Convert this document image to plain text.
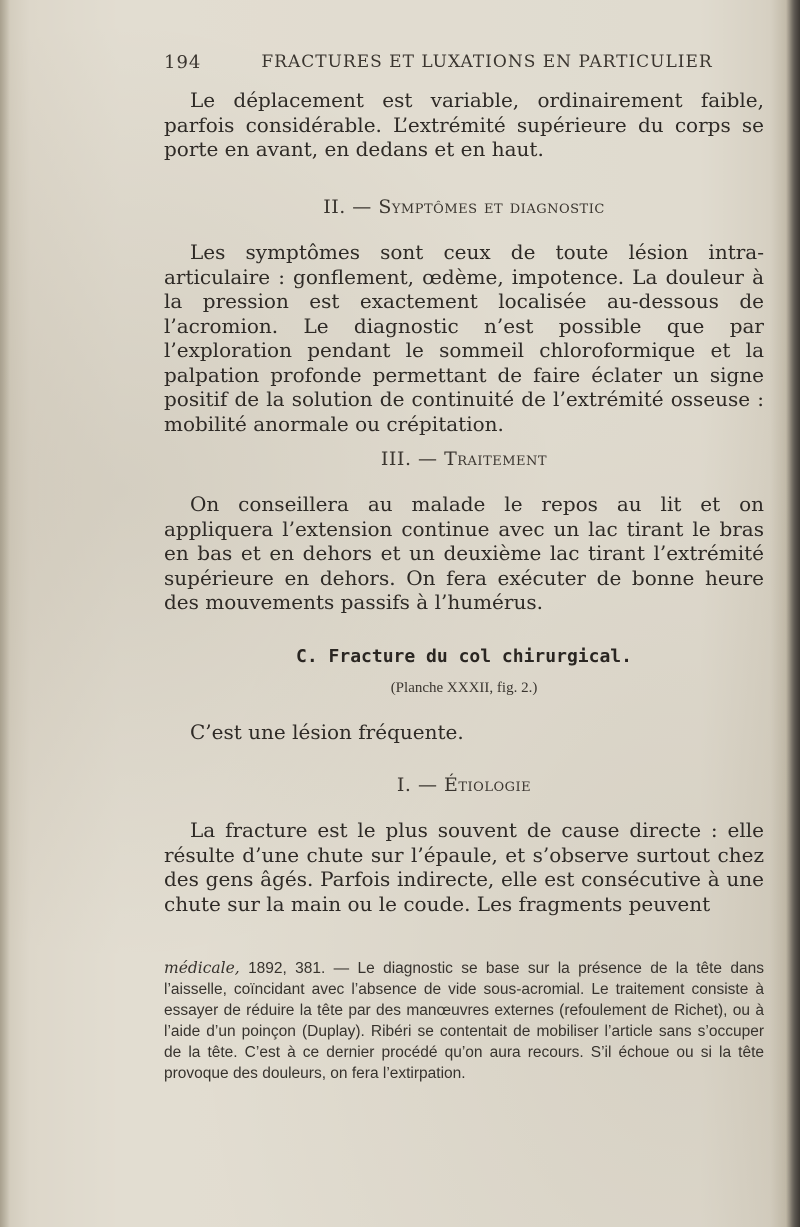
194	FRACTURES ET LUXATIONS EN PARTICULIER

Le déplacement est variable, ordinairement faible, parfois considérable. L’extrémité supérieure du corps se porte en avant, en dedans et en haut.

II. — Symptômes et diagnostic

Les symptômes sont ceux de toute lésion intra-articulaire : gonflement, œdème, impotence. La douleur à la pression est exactement localisée au-dessous de l’acromion. Le diagnostic n’est possible que par l’exploration pendant le sommeil chloroformique et la palpation profonde permettant de faire éclater un signe positif de la solution de continuité de l’extrémité osseuse : mobilité anormale ou crépitation.

III. — Traitement

On conseillera au malade le repos au lit et on appliquera l’extension continue avec un lac tirant le bras en bas et en dehors et un deuxième lac tirant l’extrémité supérieure en dehors. On fera exécuter de bonne heure des mouvements passifs à l’humérus.

C. Fracture du col chirurgical.
(Planche XXXII, fig. 2.)

C’est une lésion fréquente.

I. — Étiologie

La fracture est le plus souvent de cause directe : elle résulte d’une chute sur l’épaule, et s’observe surtout chez des gens âgés. Parfois indirecte, elle est consécutive à une chute sur la main ou le coude. Les fragments peuvent

médicale, 1892, 381. — Le diagnostic se base sur la présence de la tête dans l’aisselle, coïncidant avec l’absence de vide sous-acromial. Le traitement consiste à essayer de réduire la tête par des manœuvres externes (refoulement de Richet), ou à l’aide d’un poinçon (Duplay). Ribéri se contentait de mobiliser l’article sans s’occuper de la tête. C’est à ce dernier procédé qu’on aura recours. S’il échoue ou si la tête provoque des douleurs, on fera l’extirpation.
